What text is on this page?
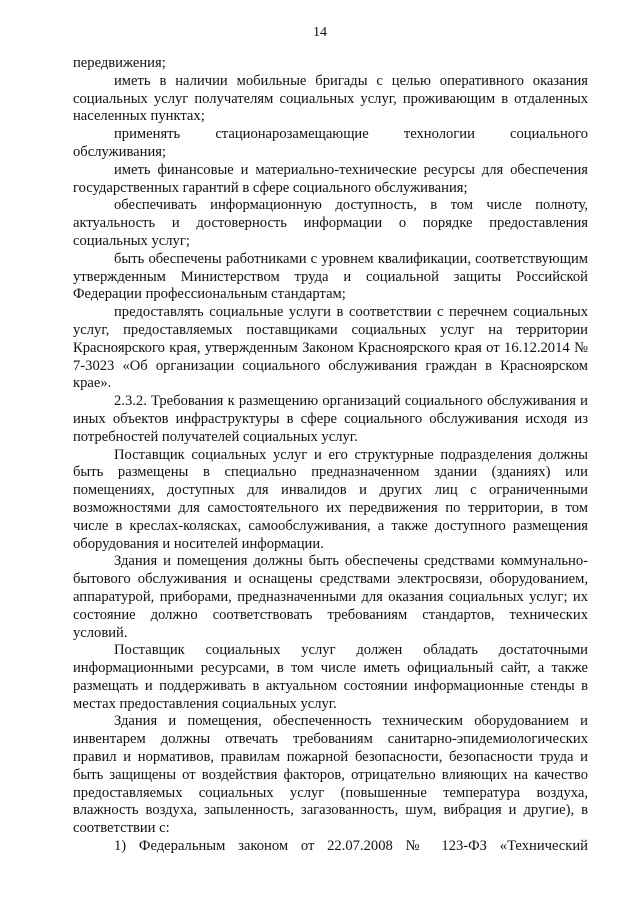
14

передвижения;

иметь в наличии мобильные бригады с целью оперативного оказания социальных услуг получателям социальных услуг, проживающим в отдаленных населенных пунктах;

применять стационарозамещающие технологии социального обслуживания;

иметь финансовые и материально-технические ресурсы для обеспечения государственных гарантий в сфере социального обслуживания;

обеспечивать информационную доступность, в том числе полноту, актуальность и достоверность информации о порядке предоставления социальных услуг;

быть обеспечены работниками с уровнем квалификации, соответствующим утвержденным Министерством труда и социальной защиты Российской Федерации профессиональным стандартам;

предоставлять социальные услуги в соответствии с перечнем социальных услуг, предоставляемых поставщиками социальных услуг на территории Красноярского края, утвержденным Законом Красноярского края от 16.12.2014 № 7-3023 «Об организации социального обслуживания граждан в Красноярском крае».

2.3.2. Требования к размещению организаций социального обслуживания и иных объектов инфраструктуры в сфере социального обслуживания исходя из потребностей получателей социальных услуг.

Поставщик социальных услуг и его структурные подразделения должны быть размещены в специально предназначенном здании (зданиях) или помещениях, доступных для инвалидов и других лиц с ограниченными возможностями для самостоятельного их передвижения по территории, в том числе в креслах-колясках, самообслуживания, а также доступного размещения оборудования и носителей информации.

Здания и помещения должны быть обеспечены средствами коммунально-бытового обслуживания и оснащены средствами электросвязи, оборудованием, аппаратурой, приборами, предназначенными для оказания социальных услуг; их состояние должно соответствовать требованиям стандартов, технических условий.

Поставщик социальных услуг должен обладать достаточными информационными ресурсами, в том числе иметь официальный сайт, а также размещать и поддерживать в актуальном состоянии информационные стенды в местах предоставления социальных услуг.

Здания и помещения, обеспеченность техническим оборудованием и инвентарем должны отвечать требованиям санитарно-эпидемиологических правил и нормативов, правилам пожарной безопасности, безопасности труда и быть защищены от воздействия факторов, отрицательно влияющих на качество предоставляемых социальных услуг (повышенные температура воздуха, влажность воздуха, запыленность, загазованность, шум, вибрация и другие), в соответствии с:

1) Федеральным законом от 22.07.2008 № 123-ФЗ «Технический
